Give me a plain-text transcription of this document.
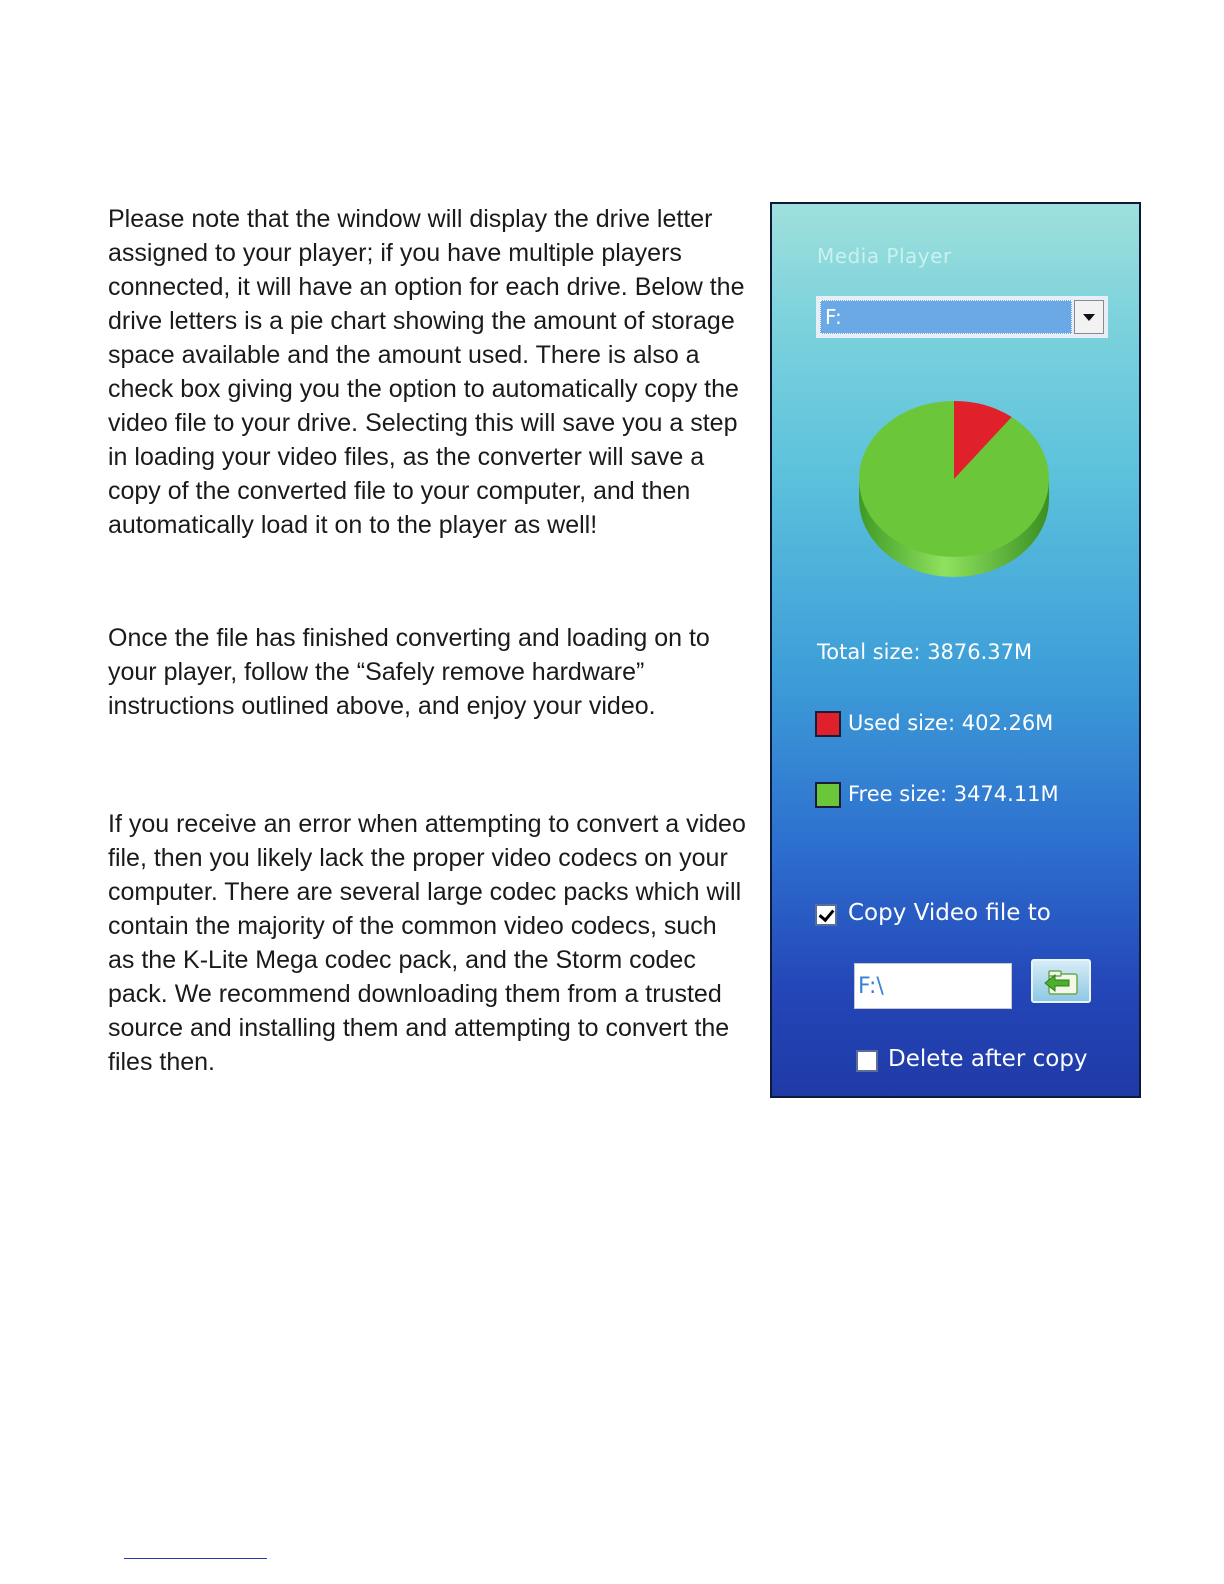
Please note that the window will display the drive letter assigned to your player; if you have multiple players connected, it will have an option for each drive. Below the drive letters is a pie chart showing the amount of storage space available and the amount used. There is also a check box giving you the option to automatically copy the video file to your drive. Selecting this will save you a step in loading your video files, as the converter will save a copy of the converted file to your computer, and then automatically load it on to the player as well!

Once the file has finished converting and loading on to your player, follow the “Safely remove hardware” instructions outlined above, and enjoy your video.

If you receive an error when attempting to convert a video file, then you likely lack the proper video codecs on your computer. There are several large codec packs which will contain the majority of the common video codecs, such as the K-Lite Mega codec pack, and the Storm codec pack. We recommend downloading them from a trusted source and installing them and attempting to convert the files then.

Media Player
F:
Total size: 3876.37M
Used size: 402.26M
Free size: 3474.11M
Copy Video file to
F:\
Delete after copy
